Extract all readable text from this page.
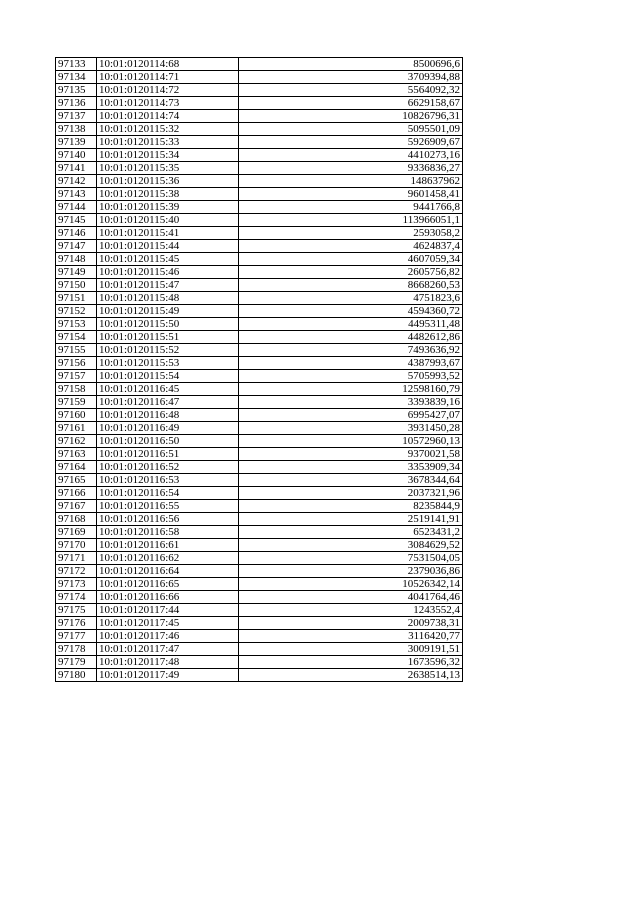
97133	10:01:0120114:68	8500696,6
97134	10:01:0120114:71	3709394,88
97135	10:01:0120114:72	5564092,32
97136	10:01:0120114:73	6629158,67
97137	10:01:0120114:74	10826796,31
97138	10:01:0120115:32	5095501,09
97139	10:01:0120115:33	5926909,67
97140	10:01:0120115:34	4410273,16
97141	10:01:0120115:35	9336836,27
97142	10:01:0120115:36	148637962
97143	10:01:0120115:38	9601458,41
97144	10:01:0120115:39	9441766,8
97145	10:01:0120115:40	113966051,1
97146	10:01:0120115:41	2593058,2
97147	10:01:0120115:44	4624837,4
97148	10:01:0120115:45	4607059,34
97149	10:01:0120115:46	2605756,82
97150	10:01:0120115:47	8668260,53
97151	10:01:0120115:48	4751823,6
97152	10:01:0120115:49	4594360,72
97153	10:01:0120115:50	4495311,48
97154	10:01:0120115:51	4482612,86
97155	10:01:0120115:52	7493636,92
97156	10:01:0120115:53	4387993,67
97157	10:01:0120115:54	5705993,52
97158	10:01:0120116:45	12598160,79
97159	10:01:0120116:47	3393839,16
97160	10:01:0120116:48	6995427,07
97161	10:01:0120116:49	3931450,28
97162	10:01:0120116:50	10572960,13
97163	10:01:0120116:51	9370021,58
97164	10:01:0120116:52	3353909,34
97165	10:01:0120116:53	3678344,64
97166	10:01:0120116:54	2037321,96
97167	10:01:0120116:55	8235844,9
97168	10:01:0120116:56	2519141,91
97169	10:01:0120116:58	6523431,2
97170	10:01:0120116:61	3084629,52
97171	10:01:0120116:62	7531504,05
97172	10:01:0120116:64	2379036,86
97173	10:01:0120116:65	10526342,14
97174	10:01:0120116:66	4041764,46
97175	10:01:0120117:44	1243552,4
97176	10:01:0120117:45	2009738,31
97177	10:01:0120117:46	3116420,77
97178	10:01:0120117:47	3009191,51
97179	10:01:0120117:48	1673596,32
97180	10:01:0120117:49	2638514,13
